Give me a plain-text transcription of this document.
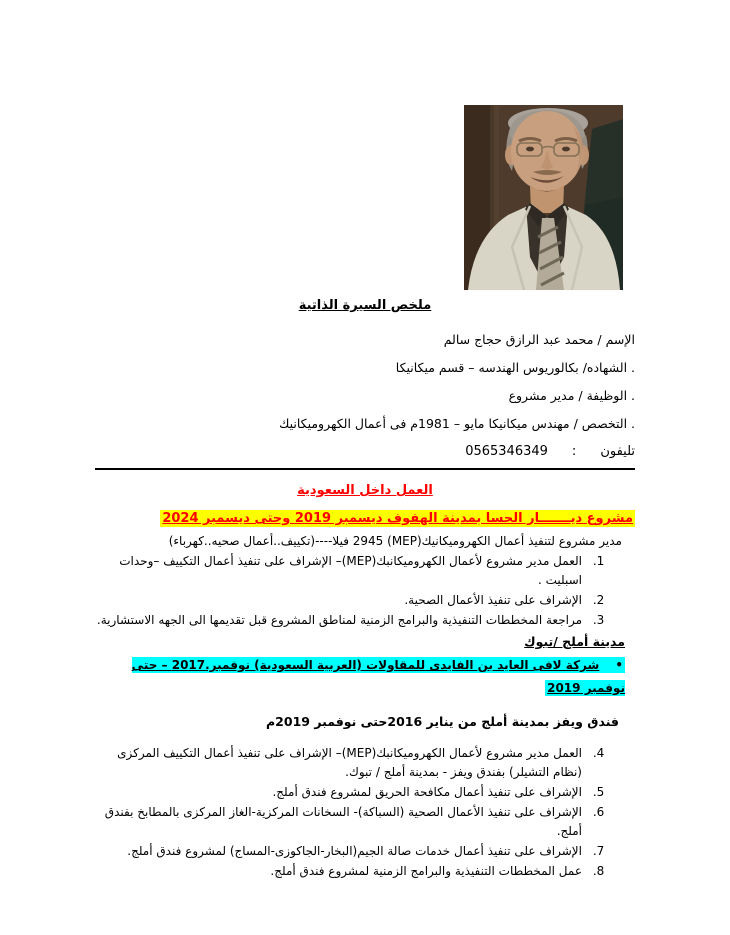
ملخص السيرة الذاتية
الإسم / محمد عبد الرازق حجاج سالم
. الشهاده/ بكالوريوس الهندسه – قسم ميكانيكا
. الوظيفة / مدير مشروع
. التخصص / مهندس ميكانيكا مايو – 1981م فى أعمال الكهروميكانيك
تليفون:0565346349
العمل داخل السعودية
مشروع ديـــــــار الحسا بمدينة الهفوف ديسمبر 2019 وحتى ديسمبر 2024
مدير مشروع لتنفيذ أعمال الكهروميكانيك(MEP) 2945 فيلا----(تكييف..أعمال صحيه..كهرباء)
1. العمل مدير مشروع لأعمال الكهروميكانبك(MEP)– الإشراف على تنفيذ أعمال التكييف –وحدات اسبليت .
2. الإشراف على تنفيذ الأعمال الصحية.
3. مراجعة المخططات التنفيذية والبرامج الزمنية لمناطق المشروع قبل تقديمها الى الجهه الاستشارية.
مدينة أملج /تبوك
•شركة لافى العايد بن الفايدى للمقاولات (العربية السعودية) نوفمبر.2017 – حتى نوفمبر 2019
فندق ويفز بمدينة أملج من يناير 2016حتى نوفمبر 2019م
4. العمل مدير مشروع لأعمال الكهروميكانبك(MEP)– الإشراف على تنفيذ أعمال التكييف المركزى (نظام التشيلر) بفندق ويفز - بمدينة أملج / تبوك.
5. الإشراف على تنفيذ أعمال مكافحة الحريق لمشروع فندق أملج.
6. الإشراف على تنفيذ الأعمال الصحية (السباكة)- السخانات المركزية-الغاز المركزى بالمطابخ بفندق أملج.
7. الإشراف على تنفيذ أعمال خدمات صالة الجيم(البخار-الجاكوزى-المساج) لمشروع فندق أملج.
8. عمل المخططات التنفيذية والبرامج الزمنية لمشروع فندق أملج.
